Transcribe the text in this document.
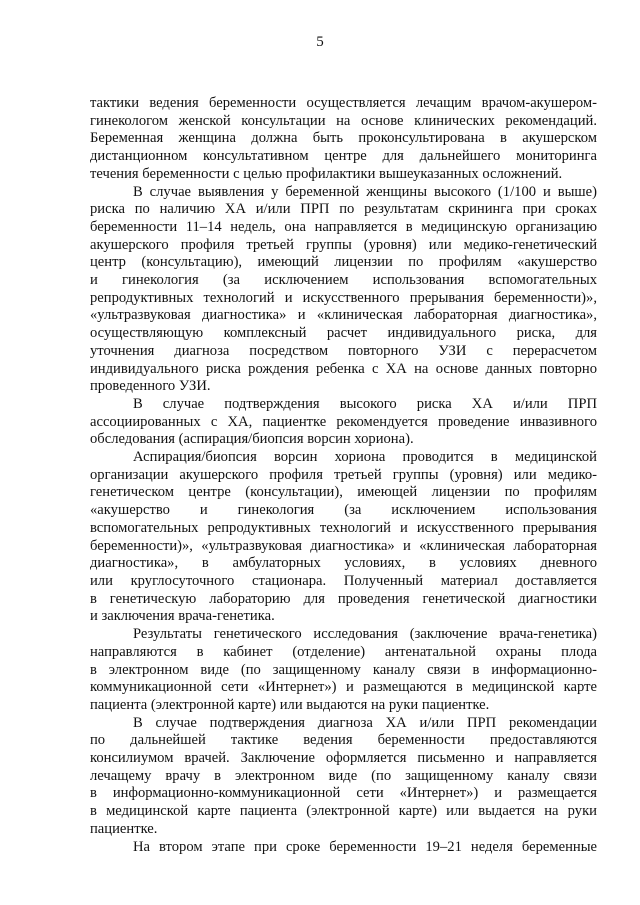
5
тактики ведения беременности осуществляется лечащим врачом-акушером-
гинекологом женской консультации на основе клинических рекомендаций.
Беременная женщина должна быть проконсультирована в акушерском
дистанционном консультативном центре для дальнейшего мониторинга
течения беременности с целью профилактики вышеуказанных осложнений.
В случае выявления у беременной женщины высокого (1/100 и выше)
риска по наличию ХА и/или ПРП по результатам скрининга при сроках
беременности 11–14 недель, она направляется в медицинскую организацию
акушерского профиля третьей группы (уровня) или медико-генетический
центр (консультацию), имеющий лицензии по профилям «акушерство
и гинекология (за исключением использования вспомогательных
репродуктивных технологий и искусственного прерывания беременности)»,
«ультразвуковая диагностика» и «клиническая лабораторная диагностика»,
осуществляющую комплексный расчет индивидуального риска, для
уточнения диагноза посредством повторного УЗИ с перерасчетом
индивидуального риска рождения ребенка с ХА на основе данных повторно
проведенного УЗИ.
В случае подтверждения высокого риска ХА и/или ПРП
ассоциированных с ХА, пациентке рекомендуется проведение инвазивного
обследования (аспирация/биопсия ворсин хориона).
Аспирация/биопсия ворсин хориона проводится в медицинской
организации акушерского профиля третьей группы (уровня) или медико-
генетическом центре (консультации), имеющей лицензии по профилям
«акушерство и гинекология (за исключением использования
вспомогательных репродуктивных технологий и искусственного прерывания
беременности)», «ультразвуковая диагностика» и «клиническая лабораторная
диагностика», в амбулаторных условиях, в условиях дневного
или круглосуточного стационара. Полученный материал доставляется
в генетическую лабораторию для проведения генетической диагностики
и заключения врача-генетика.
Результаты генетического исследования (заключение врача-генетика)
направляются в кабинет (отделение) антенатальной охраны плода
в электронном виде (по защищенному каналу связи в информационно-
коммуникационной сети «Интернет») и размещаются в медицинской карте
пациента (электронной карте) или выдаются на руки пациентке.
В случае подтверждения диагноза ХА и/или ПРП рекомендации
по дальнейшей тактике ведения беременности предоставляются
консилиумом врачей. Заключение оформляется письменно и направляется
лечащему врачу в электронном виде (по защищенному каналу связи
в информационно-коммуникационной сети «Интернет») и размещается
в медицинской карте пациента (электронной карте) или выдается на руки
пациентке.
На втором этапе при сроке беременности 19–21 неделя беременные
